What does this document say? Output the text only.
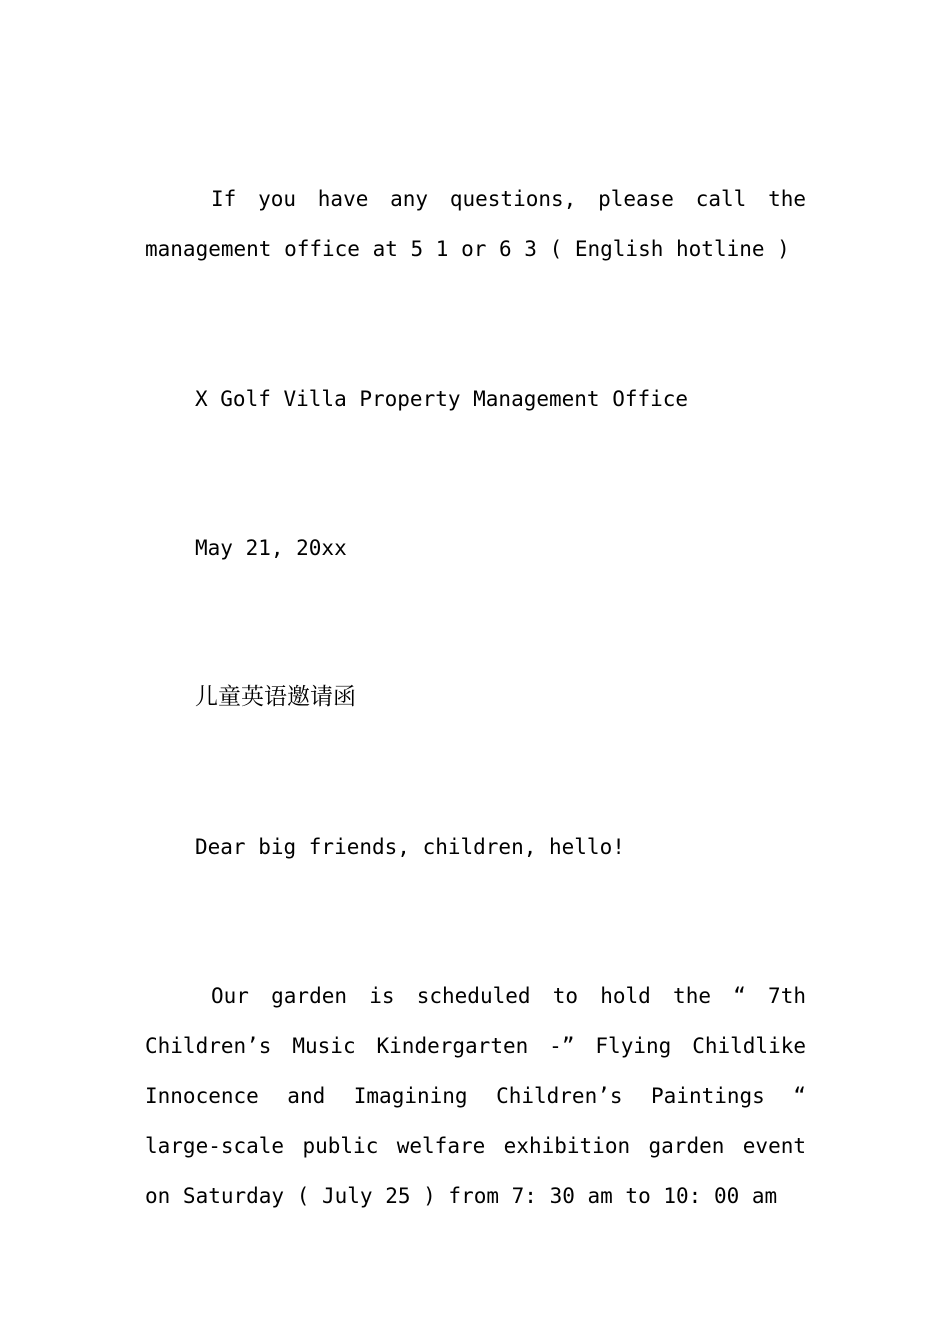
If you have any questions, please call the management office at 5 1 or 6 3 ( English hotline )

X Golf Villa Property Management Office
May 21, 20xx
儿童英语邀请函
Dear big friends, children, hello!

Our garden is scheduled to hold the “ 7th Children’s Music Kindergarten -” Flying Childlike Innocence and Imagining Children’s Paintings “ large-scale public welfare exhibition garden event on Saturday ( July 25 ) from 7: 30 am to 10: 00 am
